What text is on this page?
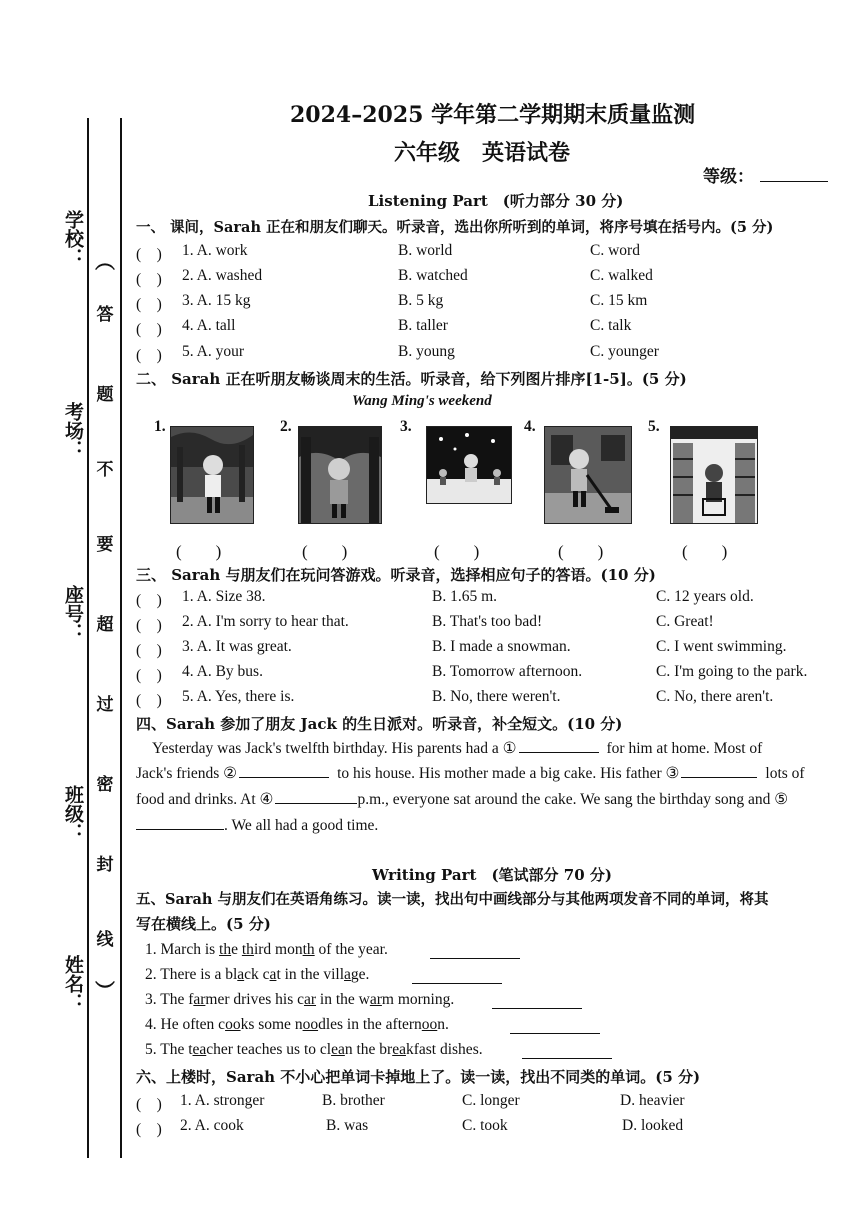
学校：
考场：
座号：
班级：
姓名：
︵
答
题
不
要
超
过
密
封
线
︶
2024–2025 学年第二学期期末质量监测
六年级　英语试卷
等级：
Listening Part　(听力部分 30 分)
一、 课间，Sarah 正在和朋友们聊天。听录音，选出你所听到的单词，将序号填在括号内。(5 分)
(　) 1. A. work	B. world	C. word
(　) 2. A. washed	B. watched	C. walked
(　) 3. A. 15 kg	B. 5 kg	C. 15 km
(　) 4. A. tall	B. taller	C. talk
(　) 5. A. your	B. young	C. younger
二、 Sarah 正在听朋友畅谈周末的生活。听录音，给下列图片排序[1-5]。(5 分)
Wang Ming's weekend
1.	2.	3.	4.	5.
(　　)	(　　)	(　　)	(　　)	(　　)
三、 Sarah 与朋友们在玩问答游戏。听录音，选择相应句子的答语。(10 分)
(　) 1. A. Size 38.	B. 1.65 m.	C. 12 years old.
(　) 2. A. I'm sorry to hear that.	B. That's too bad!	C. Great!
(　) 3. A. It was great.	B. I made a snowman.	C. I went swimming.
(　) 4. A. By bus.	B. Tomorrow afternoon.	C. I'm going to the park.
(　) 5. A. Yes, there is.	B. No, there weren't.	C. No, there aren't.
四、Sarah 参加了朋友 Jack 的生日派对。听录音，补全短文。(10 分)
Yesterday was Jack's twelfth birthday. His parents had a ①	for him at home. Most of
Jack's friends ②	to his house. His mother made a big cake. His father ③	lots of
food and drinks. At ④	p.m., everyone sat around the cake. We sang the birthday song and ⑤
. We all had a good time.
Writing Part　(笔试部分 70 分)
五、Sarah 与朋友们在英语角练习。读一读，找出句中画线部分与其他两项发音不同的单词，将其
写在横线上。(5 分)
1. March is the third month of the year.
2. There is a black cat in the village.
3. The farmer drives his car in the warm morning.
4. He often cooks some noodles in the afternoon.
5. The teacher teaches us to clean the breakfast dishes.
六、上楼时，Sarah 不小心把单词卡掉地上了。读一读，找出不同类的单词。(5 分)
(　) 1. A. stronger	B. brother	C. longer	D. heavier
(　) 2. A. cook	B. was	C. took	D. looked
